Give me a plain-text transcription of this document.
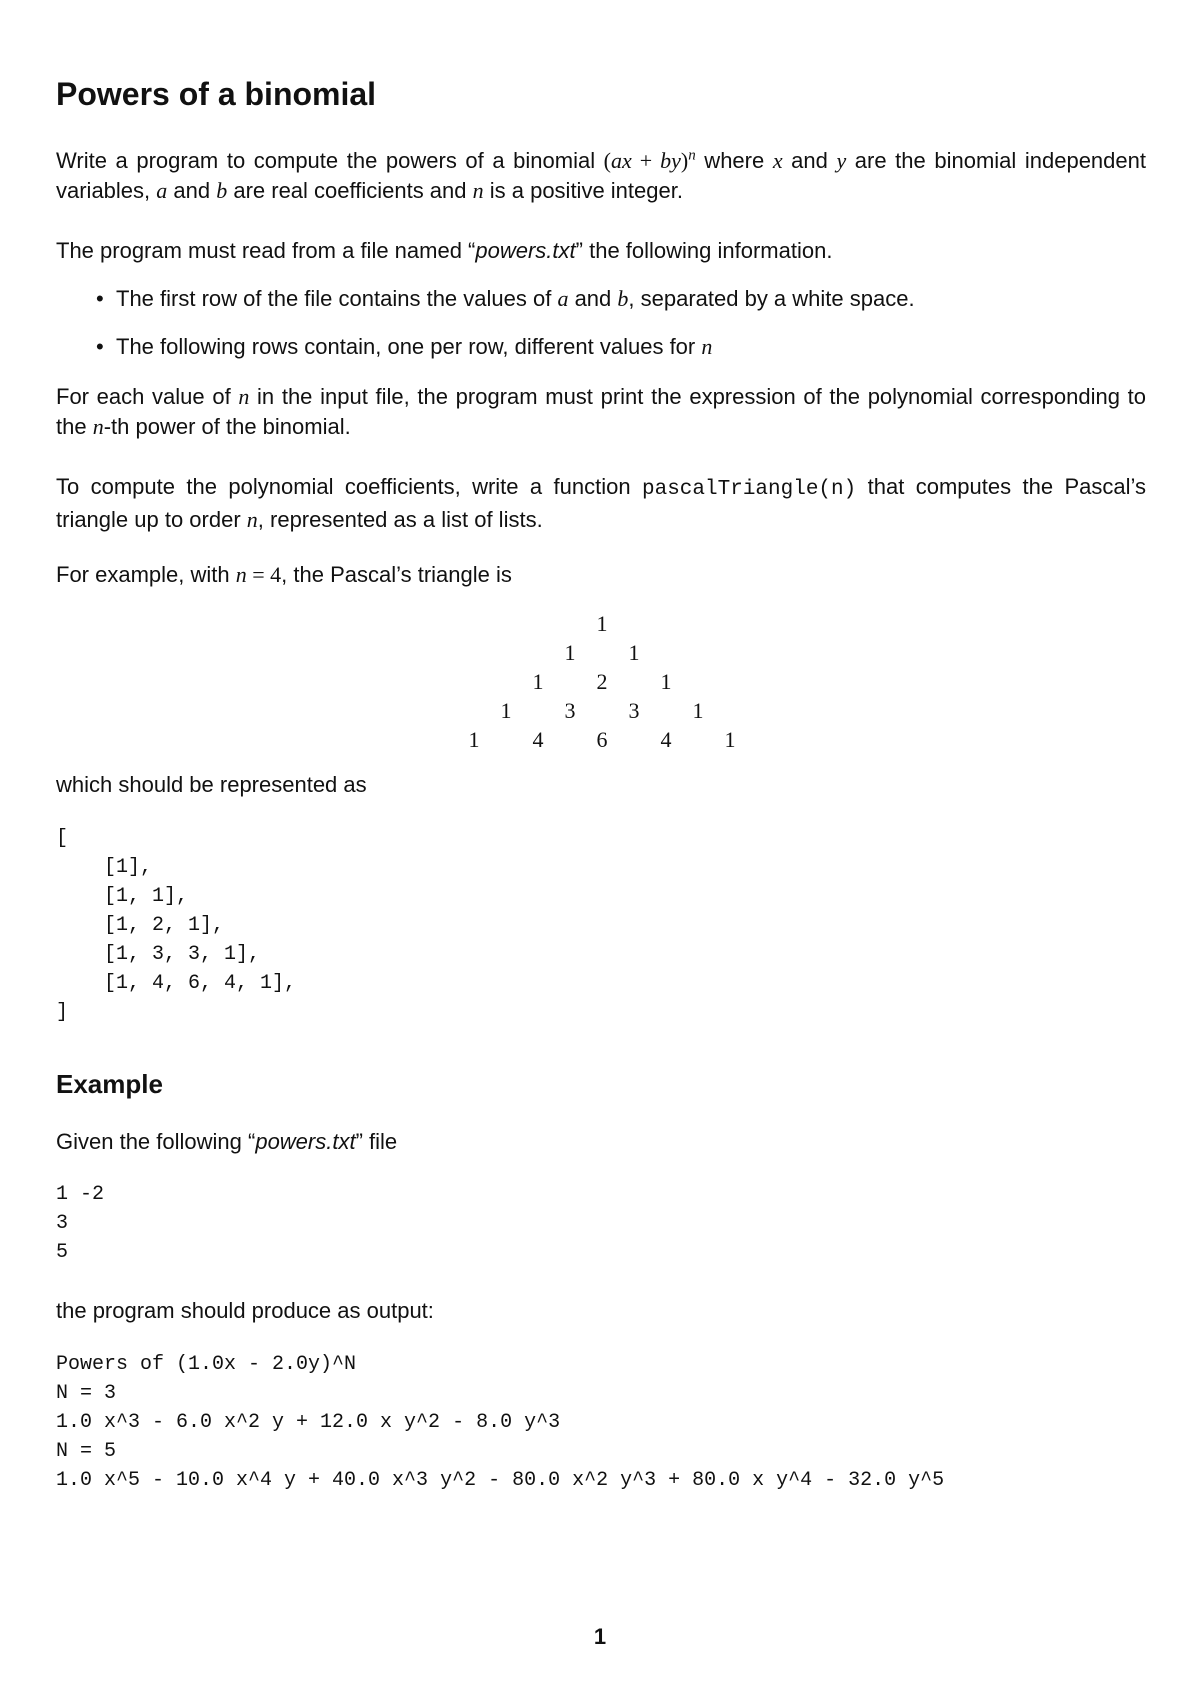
Powers of a binomial

Write a program to compute the powers of a binomial (ax + by)$^n$ where x and y are the binomial independent variables, a and b are real coefficients and n is a positive integer.

The program must read from a file named “powers.txt” the following information.

• The first row of the file contains the values of a and b, separated by a white space.
• The following rows contain, one per row, different values for n

For each value of n in the input file, the program must print the expression of the polynomial corresponding to the n-th power of the binomial.

To compute the polynomial coefficients, write a function pascalTriangle(n) that computes the Pascal’s triangle up to order n, represented as a list of lists.

For example, with n = 4, the Pascal’s triangle is

1
1	1
1	2	1
1	3	3	1
1	4	6	4	1

which should be represented as

[
[1],
[1, 1],
[1, 2, 1],
[1, 3, 3, 1],
[1, 4, 6, 4, 1],
]
Example

Given the following “powers.txt” file

1 -2
3
5

the program should produce as output:

Powers of (1.0x - 2.0y)^N
N = 3
1.0 x^3 - 6.0 x^2 y + 12.0 x y^2 - 8.0 y^3
N = 5
1.0 x^5 - 10.0 x^4 y + 40.0 x^3 y^2 - 80.0 x^2 y^3 + 80.0 x y^4 - 32.0 y^5
1
